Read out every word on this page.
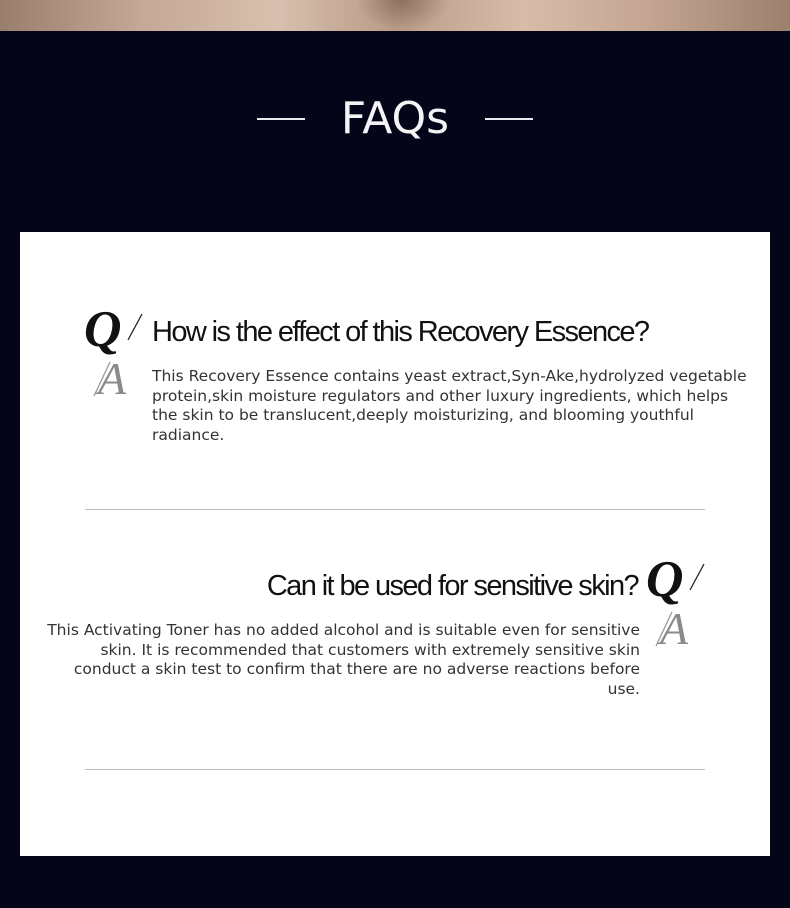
FAQs
Q
A
How is the effect of this Recovery Essence?
This Recovery Essence contains yeast extract,Syn-Ake,hydrolyzed vegetable protein,skin moisture regulators and other luxury ingredients, which helps the skin to be translucent,deeply moisturizing, and blooming youthful radiance.
Can it be used for sensitive skin?
This Activating Toner has no added alcohol and is suitable even for sensitive skin. It is recommended that customers with extremely sensitive skin conduct a skin test to confirm that there are no adverse reactions before use.
Q
A
